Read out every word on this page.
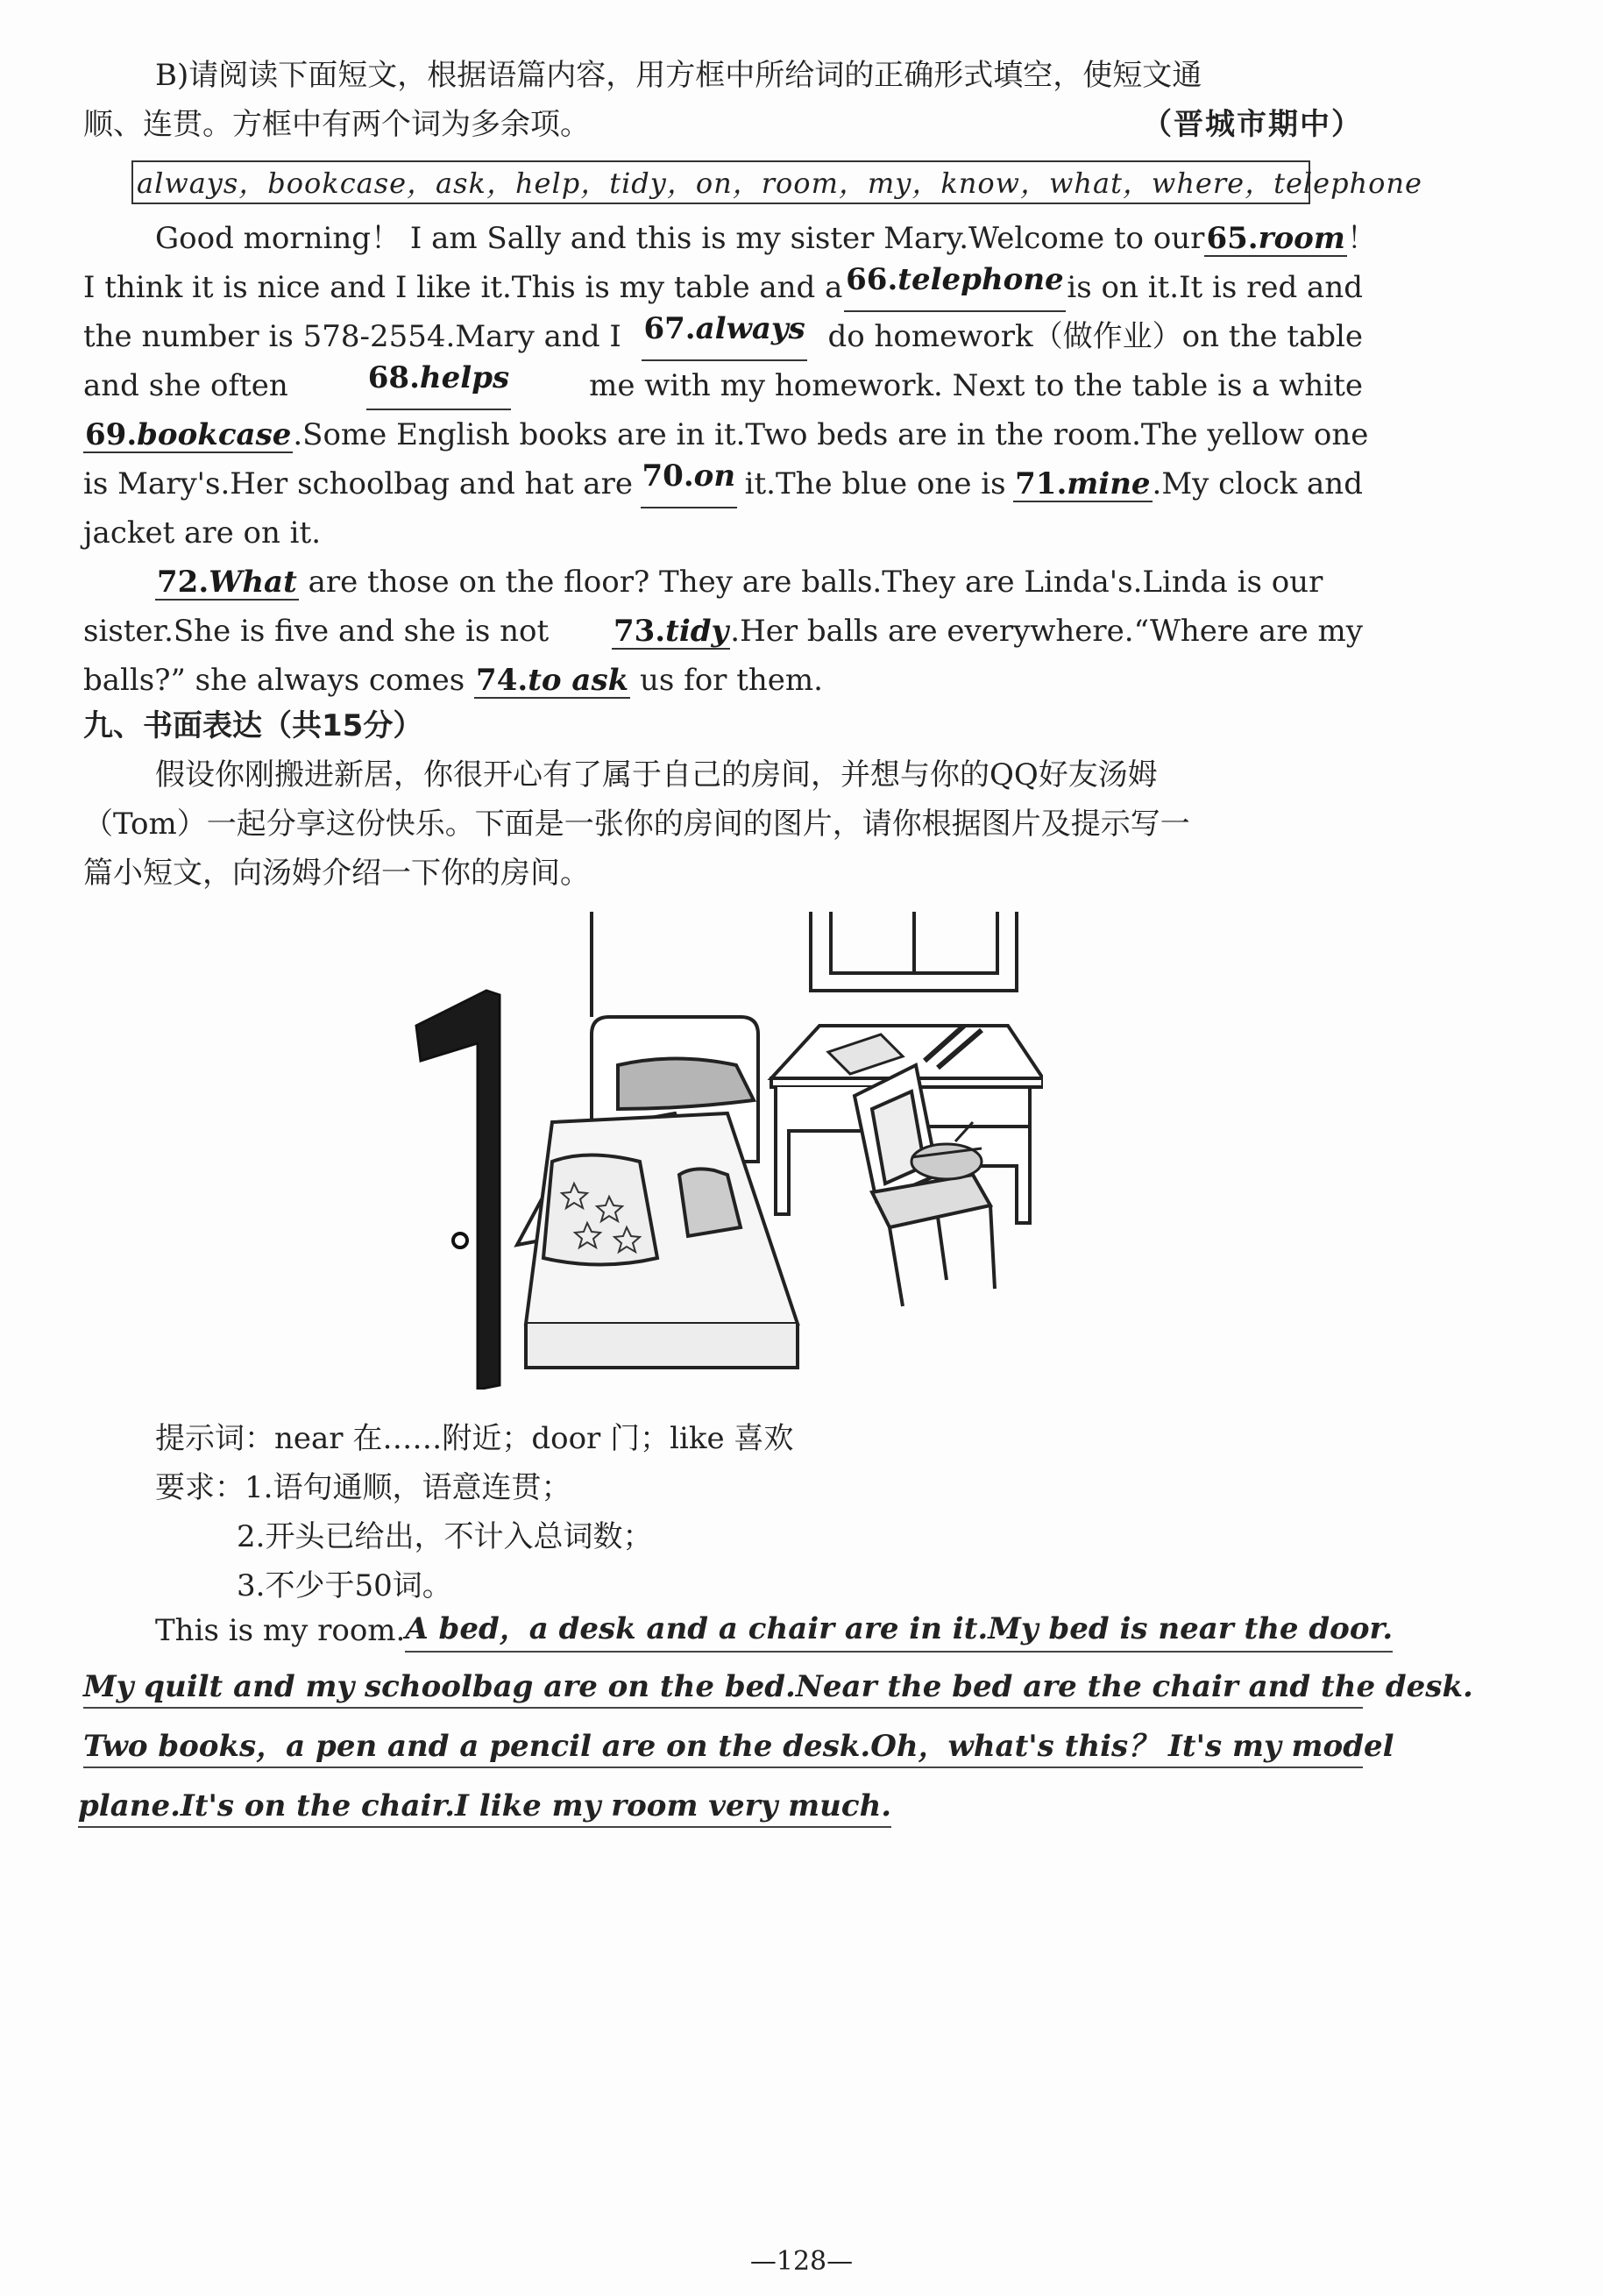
B)请阅读下面短文，根据语篇内容，用方框中所给词的正确形式填空，使短文通
顺、连贯。方框中有两个词为多余项。	（晋城市期中）
always，bookcase，ask，help，tidy，on，room，my，know，what，where，telephone
Good morning！ I am Sally and this is my sister Mary.Welcome to our 65.room！
I think it is nice and I like it.This is my table and a 66.telephone is on it.It is red and
the number is 578-2554.Mary and I 67.always do homework（做作业）on the table
and she often	68.helps	me with my homework. Next to the table is a white
69.bookcase.Some English books are in it.Two beds are in the room.The yellow one
is Mary's.Her schoolbag and hat are 70.on it.The blue one is 71.mine.My clock and
jacket are on it.
72.What are those on the floor? They are balls.They are Linda's.Linda is our
sister.She is five and she is not 73.tidy.Her balls are everywhere.“Where are my
balls?” she always comes 74.to ask us for them.
九、书面表达（共15分）
假设你刚搬进新居，你很开心有了属于自己的房间，并想与你的QQ好友汤姆
（Tom）一起分享这份快乐。下面是一张你的房间的图片，请你根据图片及提示写一
篇小短文，向汤姆介绍一下你的房间。
提示词：near 在……附近；door 门；like 喜欢
要求：1.语句通顺，语意连贯；
2.开头已给出，不计入总词数；
3.不少于50词。
This is my room. A bed，a desk and a chair are in it.My bed is near the door.
My quilt and my schoolbag are on the bed.Near the bed are the chair and the desk.
Two books，a pen and a pencil are on the desk.Oh，what's this？ It's my model
plane.It's on the chair.I like my room very much.
—128—
